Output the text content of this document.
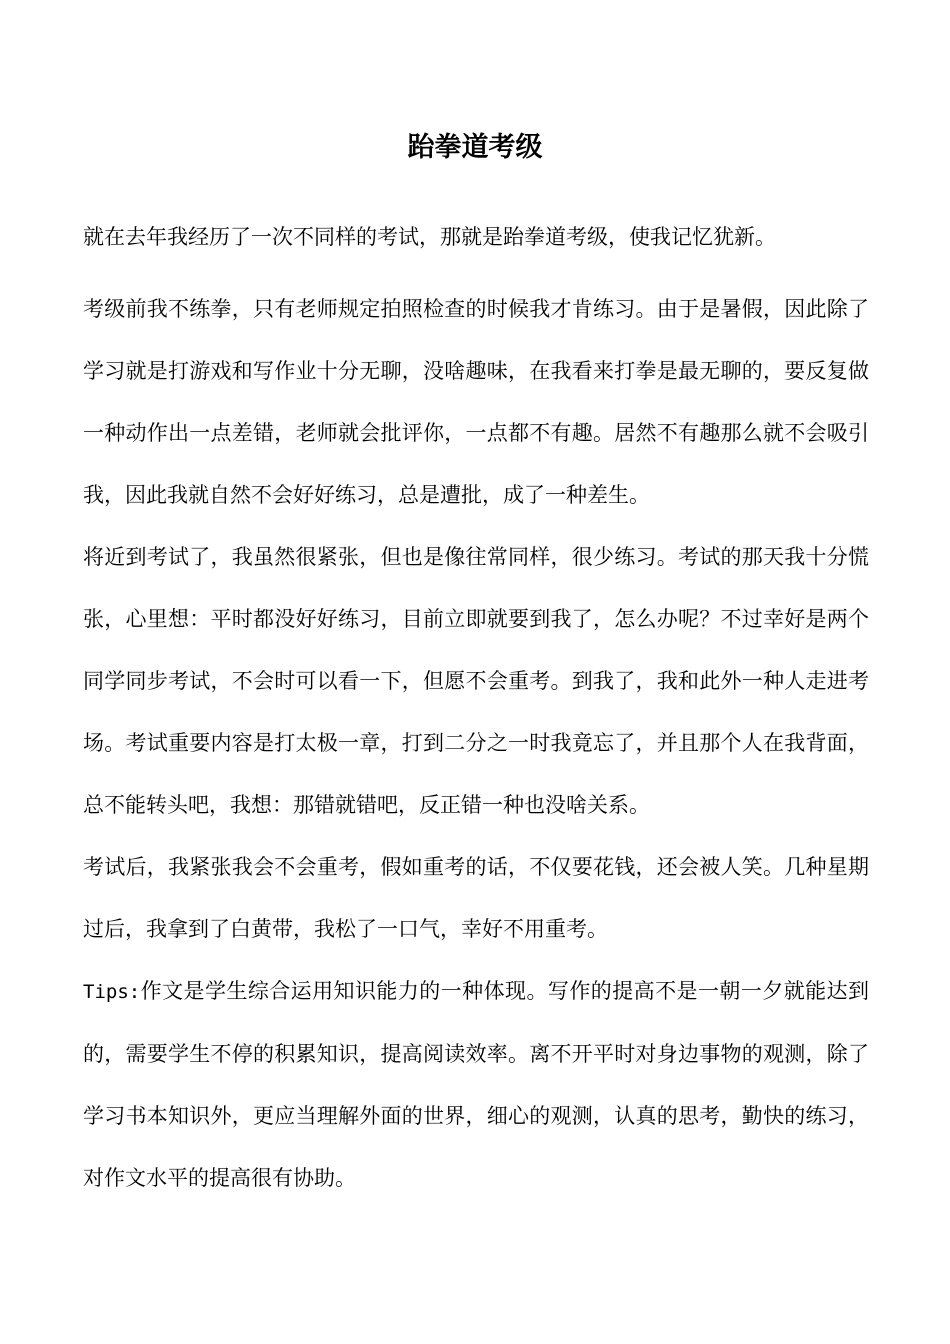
跆拳道考级

就在去年我经历了一次不同样的考试，那就是跆拳道考级，使我记忆犹新。

考级前我不练拳，只有老师规定拍照检查的时候我才肯练习。由于是暑假，因此除了学习就是打游戏和写作业十分无聊，没啥趣味，在我看来打拳是最无聊的，要反复做一种动作出一点差错，老师就会批评你，一点都不有趣。居然不有趣那么就不会吸引我，因此我就自然不会好好练习，总是遭批，成了一种差生。

将近到考试了，我虽然很紧张，但也是像往常同样，很少练习。考试的那天我十分慌张，心里想：平时都没好好练习，目前立即就要到我了，怎么办呢？不过幸好是两个同学同步考试，不会时可以看一下，但愿不会重考。到我了，我和此外一种人走进考场。考试重要内容是打太极一章，打到二分之一时我竟忘了，并且那个人在我背面，总不能转头吧，我想：那错就错吧，反正错一种也没啥关系。

考试后，我紧张我会不会重考，假如重考的话，不仅要花钱，还会被人笑。几种星期过后，我拿到了白黄带，我松了一口气，幸好不用重考。

Tips:作文是学生综合运用知识能力的一种体现。写作的提高不是一朝一夕就能达到的，需要学生不停的积累知识，提高阅读效率。离不开平时对身边事物的观测，除了学习书本知识外，更应当理解外面的世界，细心的观测，认真的思考，勤快的练习，对作文水平的提高很有协助。
